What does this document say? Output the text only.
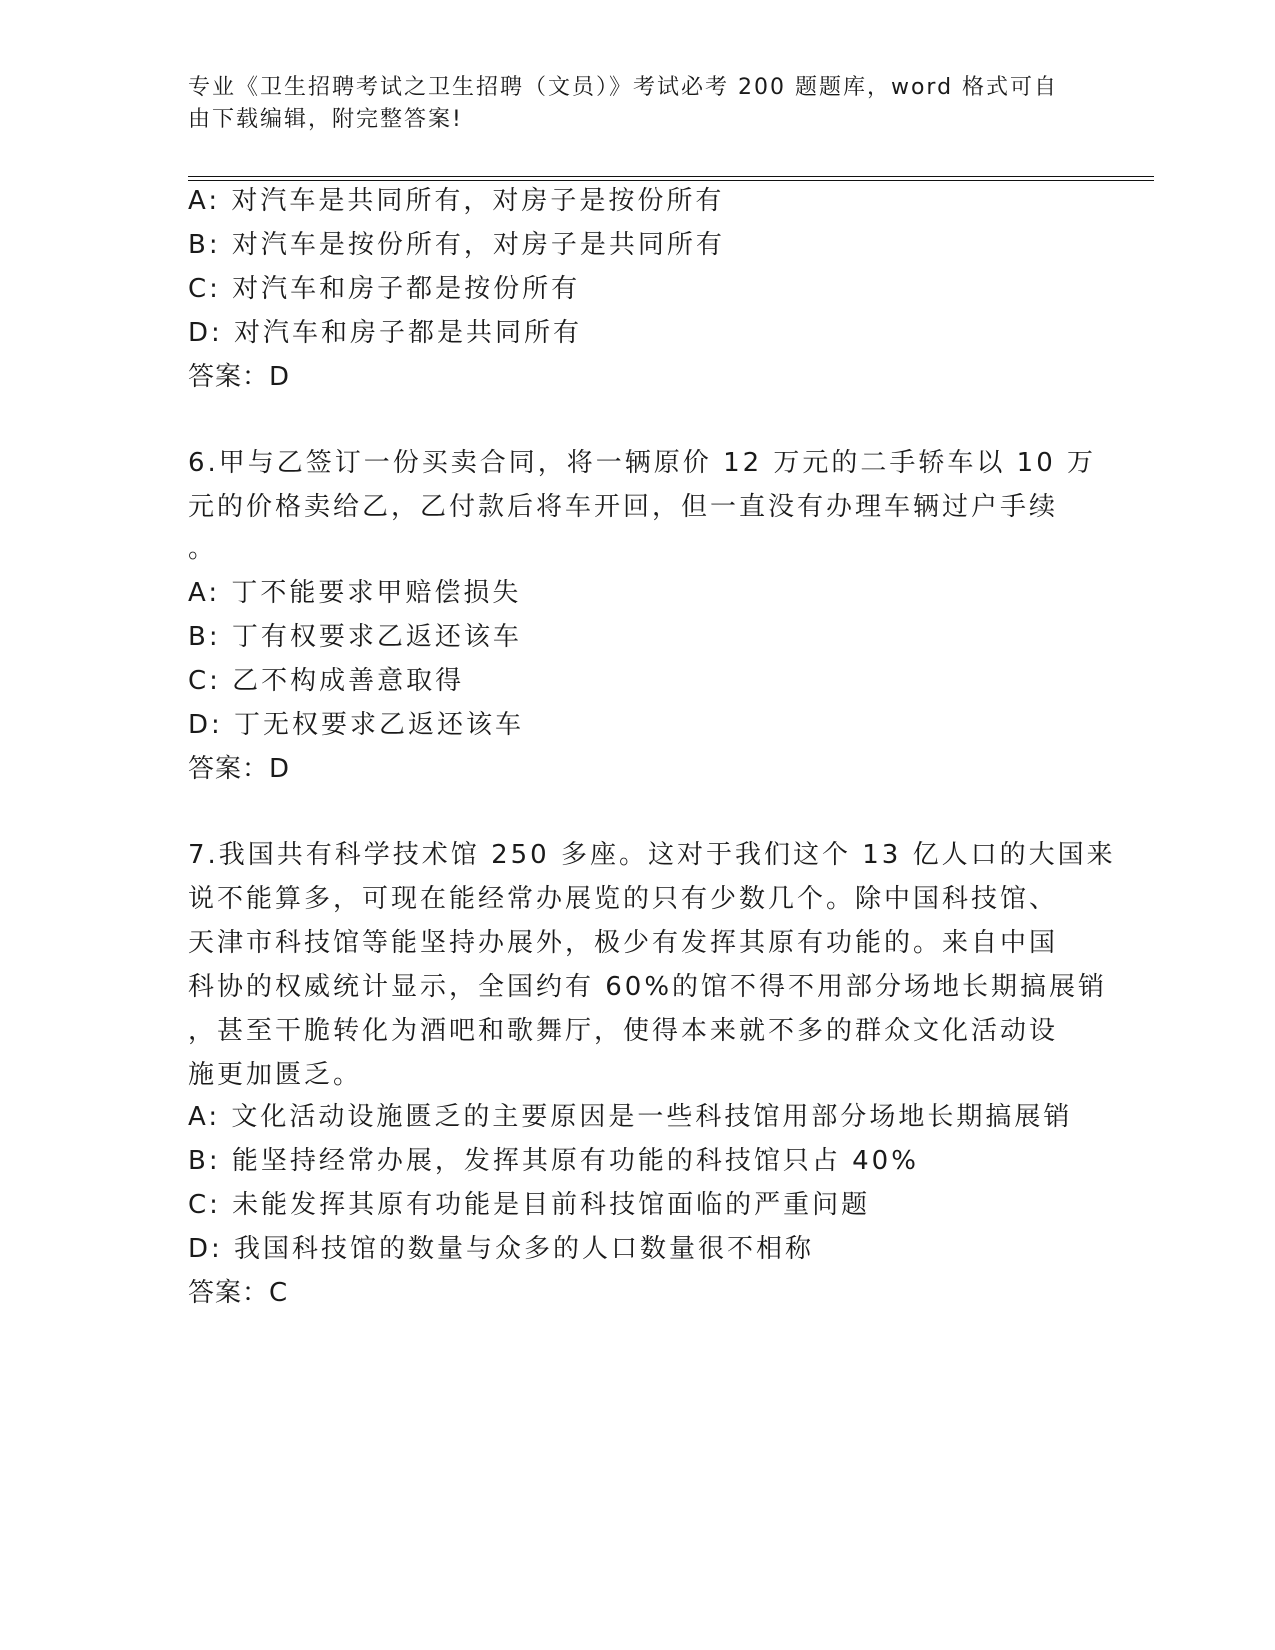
专业《卫生招聘考试之卫生招聘（文员）》考试必考 200 题题库，word 格式可自
由下载编辑，附完整答案!
A: 对汽车是共同所有，对房子是按份所有
B: 对汽车是按份所有，对房子是共同所有
C: 对汽车和房子都是按份所有
D: 对汽车和房子都是共同所有
答案：D
6.甲与乙签订一份买卖合同，将一辆原价 12 万元的二手轿车以 10 万
元的价格卖给乙，乙付款后将车开回，但一直没有办理车辆过户手续
。
A: 丁不能要求甲赔偿损失
B: 丁有权要求乙返还该车
C: 乙不构成善意取得
D: 丁无权要求乙返还该车
答案：D
7.我国共有科学技术馆 250 多座。这对于我们这个 13 亿人口的大国来
说不能算多，可现在能经常办展览的只有少数几个。除中国科技馆、
天津市科技馆等能坚持办展外，极少有发挥其原有功能的。来自中国
科协的权威统计显示，全国约有 60%的馆不得不用部分场地长期搞展销
，甚至干脆转化为酒吧和歌舞厅，使得本来就不多的群众文化活动设
施更加匮乏。
A: 文化活动设施匮乏的主要原因是一些科技馆用部分场地长期搞展销
B: 能坚持经常办展，发挥其原有功能的科技馆只占 40%
C: 未能发挥其原有功能是目前科技馆面临的严重问题
D: 我国科技馆的数量与众多的人口数量很不相称
答案：C
